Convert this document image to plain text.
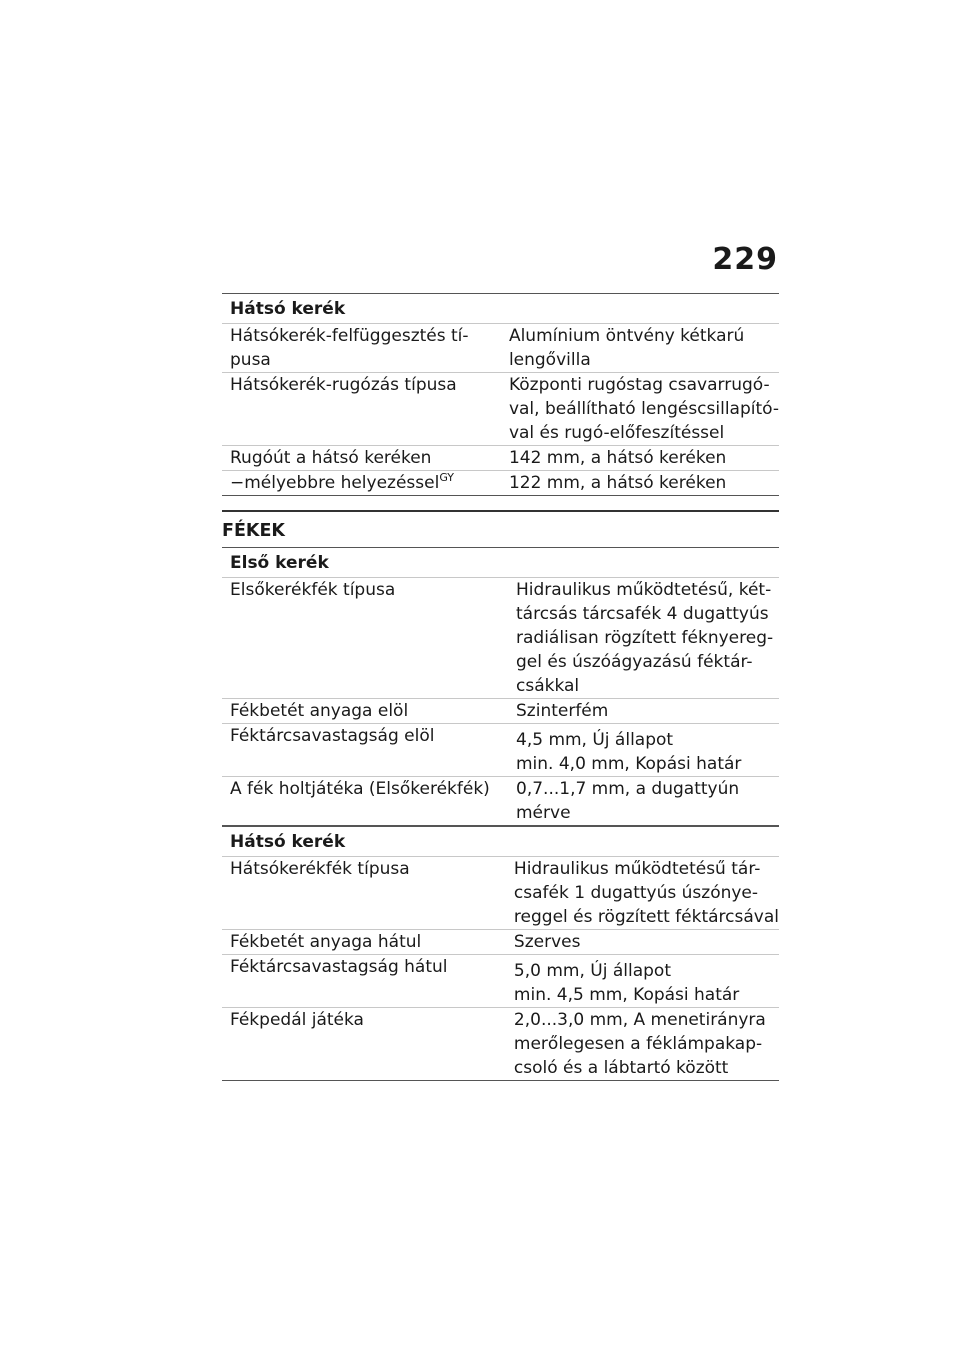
229
Hátsó kerék	

Hátsókerék-felfüggesztés tí-
pusa	Alumínium öntvény kétkarú
lengővilla

Hátsókerék-rugózás típusa	Központi rugóstag csavarrugó-
val, beállítható lengéscsillapító-
val és rugó-előfeszítéssel

Rugóút a hátsó keréken	142 mm, a hátsó keréken

−mélyebbre helyezéssel$^{GY}$	122 mm, a hátsó keréken
FÉKEK
Első kerék	

Elsőkerékfék típusa	Hidraulikus működtetésű, két-
tárcsás tárcsafék 4 dugattyús
radiálisan rögzített féknyereg-
gel és úszóágyazású féktár-
csákkal

Fékbetét anyaga elöl	Szinterfém

Féktárcsavastagság elöl	4,5 mm, Új állapot
min. 4,0 mm, Kopási határ

A fék holtjátéka (Elsőkerékfék)	0,7...1,7 mm, a dugattyún
mérve
Hátsó kerék	

Hátsókerékfék típusa	Hidraulikus működtetésű tár-
csafék 1 dugattyús úszónye-
reggel és rögzített féktárcsával

Fékbetét anyaga hátul	Szerves

Féktárcsavastagság hátul	5,0 mm, Új állapot
min. 4,5 mm, Kopási határ

Fékpedál játéka	2,0...3,0 mm, A menetirányra
merőlegesen a féklámpakap-
csoló és a lábtartó között
